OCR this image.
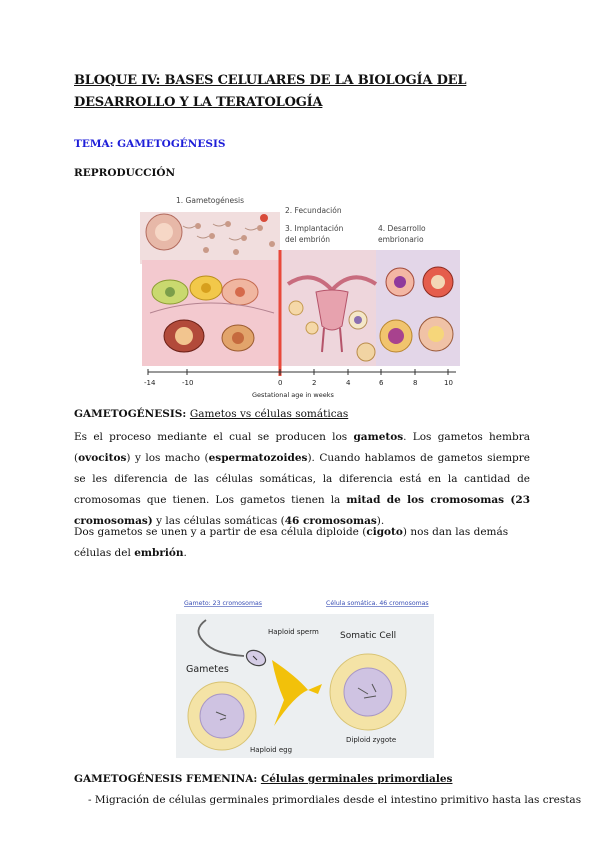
BLOQUE IV: BASES CELULARES DE LA BIOLOGÍA DEL DESARROLLO Y LA TERATOLOGÍA
TEMA: GAMETOGÉNESIS
REPRODUCCIÓN
1. Gametogénesis
2. Fecundación
3. Implantación
del embrión
4. Desarrollo
embrionario
-14	-10	0	2	4	6	8	10
Gestational age in weeks
GAMETOGÉNESIS: Gametos vs células somáticas
Es el proceso mediante el cual se producen los gametos. Los gametos hembra (ovocitos) y los macho (espermatozoides). Cuando hablamos de gametos siempre se les diferencia de las células somáticas, la diferencia está en la cantidad de cromosomas que tienen. Los gametos tienen la mitad de los cromosomas (23 cromosomas) y las células somáticas (46 cromosomas).
Dos gametos se unen y a partir de esa célula diploide (cigoto) nos dan las demás células del embrión.
Gameto: 23 cromosomas	Célula somática. 46 cromosomas
Haploid sperm
Gametes
Haploid egg
Somatic Cell
Diploid zygote
GAMETOGÉNESIS FEMENINA: Células germinales primordiales
- Migración de células germinales primordiales desde el intestino primitivo hasta las crestas
